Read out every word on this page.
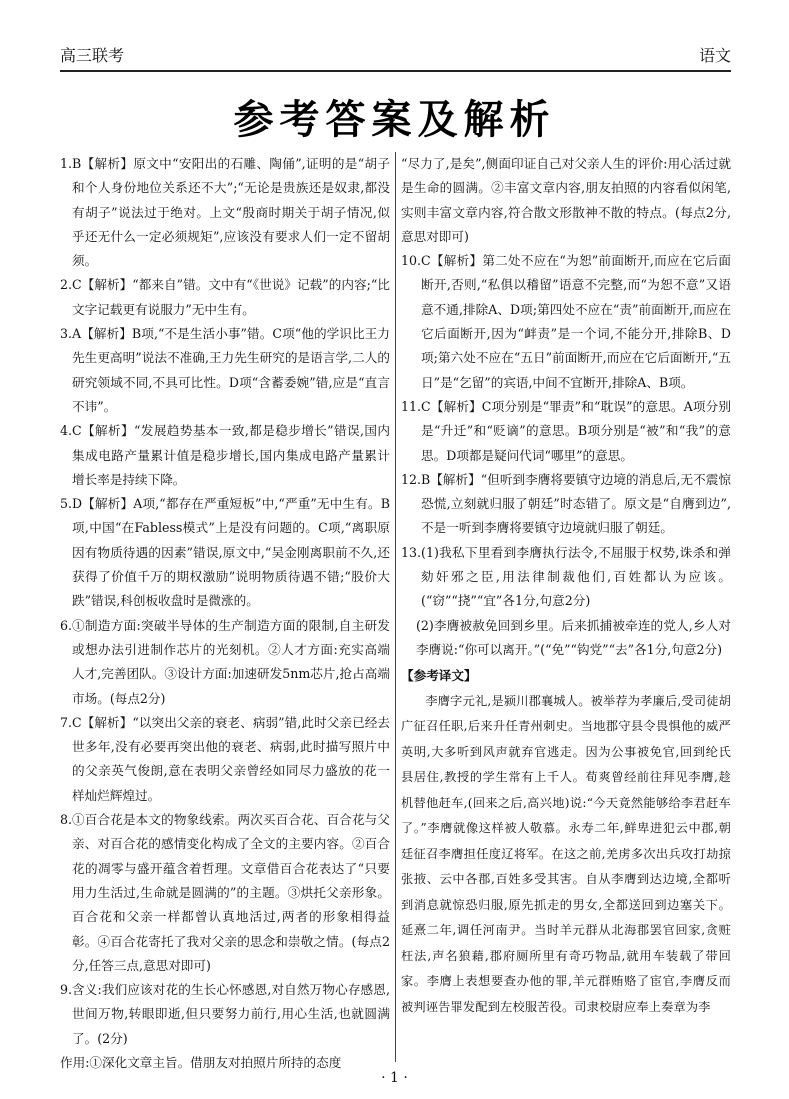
高三联考	语文
参考答案及解析
1. B【解析】原文中“安阳出的石雕、陶俑”,证明的是“胡子和个人身份地位关系还不大”;“无论是贵族还是奴隶,都没有胡子”说法过于绝对。上文“殷商时期关于胡子情况,似乎还无什么一定必须规矩”,应该没有要求人们一定不留胡须。
2. C【解析】“都来自”错。文中有“《世说》记载”的内容;“比文字记载更有说服力”无中生有。
3. A【解析】B项,“不是生活小事”错。C项“他的学识比王力先生更高明”说法不准确,王力先生研究的是语言学,二人的研究领域不同,不具可比性。D项“含蓄委婉”错,应是“直言不讳”。
4. C【解析】“发展趋势基本一致,都是稳步增长”错误,国内集成电路产量累计值是稳步增长,国内集成电路产量累计增长率是持续下降。
5. D【解析】A项,“都存在严重短板”中,“严重”无中生有。B项,中国“在Fabless模式”上是没有问题的。C项,“离职原因有物质待遇的因素”错误,原文中,“吴金刚离职前不久,还获得了价值千万的期权激励”说明物质待遇不错;“股价大跌”错误,科创板收盘时是微涨的。
6. ①制造方面:突破半导体的生产制造方面的限制,自主研发或想办法引进制作芯片的光刻机。②人才方面:充实高端人才,完善团队。③设计方面:加速研发5nm芯片,抢占高端市场。(每点2分)
7. C【解析】“以突出父亲的衰老、病弱”错,此时父亲已经去世多年,没有必要再突出他的衰老、病弱,此时描写照片中的父亲英气俊朗,意在表明父亲曾经如同尽力盛放的花一样灿烂辉煌过。
8. ①百合花是本文的物象线索。两次买百合花、百合花与父亲、对百合花的感情变化构成了全文的主要内容。②百合花的凋零与盛开蕴含着哲理。文章借百合花表达了“只要用力生活过,生命就是圆满的”的主题。③烘托父亲形象。百合花和父亲一样都曾认真地活过,两者的形象相得益彰。④百合花寄托了我对父亲的思念和崇敬之情。(每点2分,任答三点,意思对即可)
9. 含义:我们应该对花的生长心怀感恩,对自然万物心存感恩,世间万物,转眼即逝,但只要努力前行,用心生活,也就圆满了。(2分)
作用:①深化文章主旨。借朋友对拍照片所持的态度

“尽力了,是矣”,侧面印证自己对父亲人生的评价:用心活过就是生命的圆满。②丰富文章内容,朋友拍照的内容看似闲笔,实则丰富文章内容,符合散文形散神不散的特点。(每点2分,意思对即可)

10. C【解析】第二处不应在“为恕”前面断开,而应在它后面断开,否则,“私俱以稽留”语意不完整,而“为恕不意”又语意不通,排除A、D项;第四处不应在“责”前面断开,而应在它后面断开,因为“衅责”是一个词,不能分开,排除B、D项;第六处不应在“五日”前面断开,而应在它后面断开,“五日”是“乞留”的宾语,中间不宜断开,排除A、B项。
11. C【解析】C项分别是“罪责”和“耽误”的意思。A项分别是“升迁”和“贬谪”的意思。B项分别是“被”和“我”的意思。D项都是疑问代词“哪里”的意思。
12. B【解析】“但听到李膺将要镇守边境的消息后,无不震惊恐慌,立刻就归服了朝廷”时态错了。原文是“自膺到边”,不是一听到李膺将要镇守边境就归服了朝廷。
13. (1)我私下里看到李膺执行法令,不屈服于权势,诛杀和弹劾奸邪之臣,用法律制裁他们,百姓都认为应该。(“窃”“挠”“宜”各1分,句意2分)
(2)李膺被赦免回到乡里。后来抓捕被牵连的党人,乡人对李膺说:“你可以离开。”(“免”“钩党”“去”各1分,句意2分)
【参考译文】
李膺字元礼,是颍川郡襄城人。被举荐为孝廉后,受司徒胡广征召任职,后来升任青州刺史。当地郡守县令畏惧他的威严英明,大多听到风声就弃官逃走。因为公事被免官,回到纶氏县居住,教授的学生常有上千人。荀爽曾经前往拜见李膺,趁机替他赶车,(回来之后,高兴地)说:“今天竟然能够给李君赶车了。”李膺就像这样被人敬慕。永寿二年,鲜卑进犯云中郡,朝廷征召李膺担任度辽将军。在这之前,羌虏多次出兵攻打劫掠张掖、云中各郡,百姓多受其害。自从李膺到达边境,全都听到消息就惊恐归服,原先抓走的男女,全都送回到边塞关下。延熹二年,调任河南尹。当时羊元群从北海郡罢官回家,贪赃枉法,声名狼藉,郡府厕所里有奇巧物品,就用车装载了带回家。李膺上表想要查办他的罪,羊元群贿赂了宦官,李膺反而被判诬告罪发配到左校服苦役。司隶校尉应奉上奏章为李
· 1 ·
